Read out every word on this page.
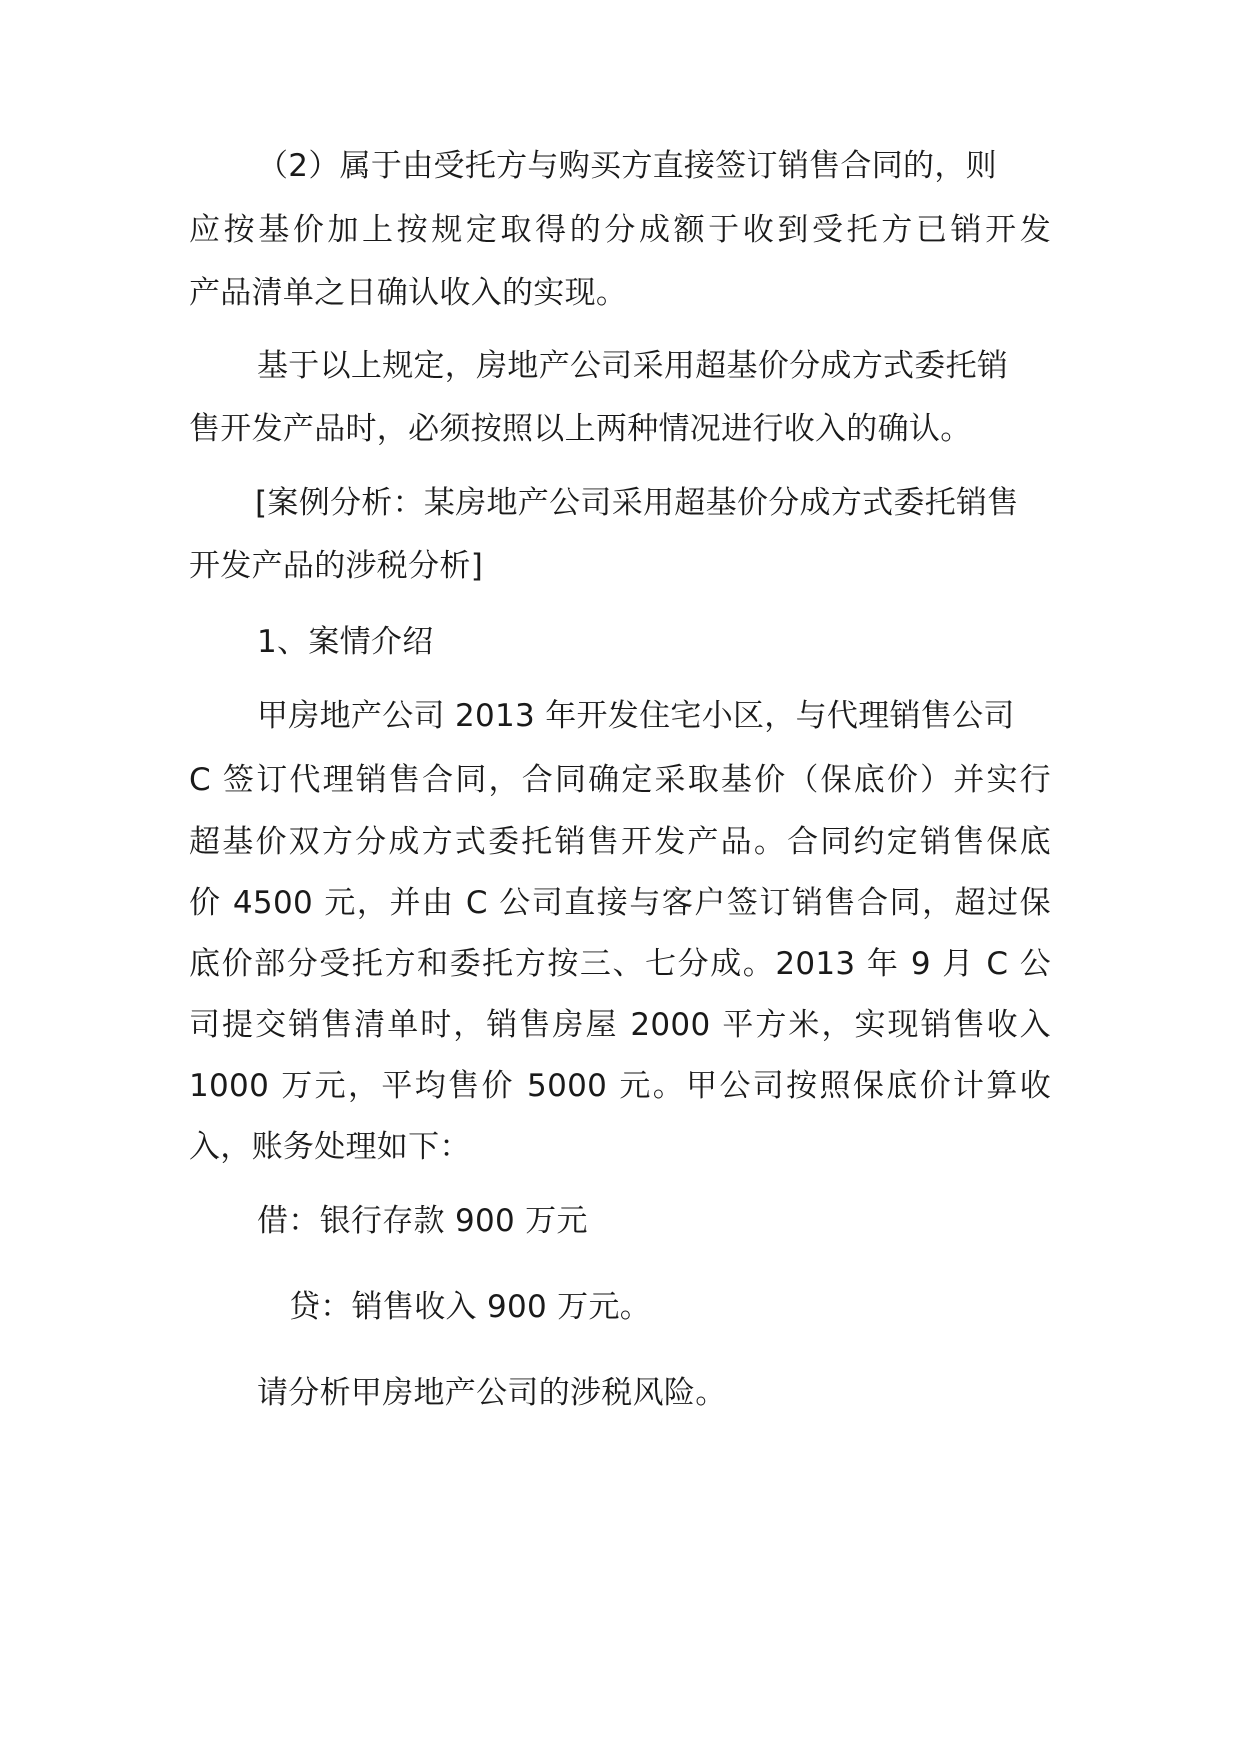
（2）属于由受托方与购买方直接签订销售合同的，则
应按基价加上按规定取得的分成额于收到受托方已销开发
产品清单之日确认收入的实现。
基于以上规定，房地产公司采用超基价分成方式委托销
售开发产品时，必须按照以上两种情况进行收入的确认。
[案例分析：某房地产公司采用超基价分成方式委托销售
开发产品的涉税分析]
1、案情介绍
甲房地产公司 2013 年开发住宅小区，与代理销售公司
C 签订代理销售合同，合同确定采取基价（保底价）并实行
超基价双方分成方式委托销售开发产品。合同约定销售保底
价 4500 元，并由 C 公司直接与客户签订销售合同，超过保
底价部分受托方和委托方按三、七分成。2013 年 9 月 C 公
司提交销售清单时，销售房屋 2000 平方米，实现销售收入
1000 万元，平均售价 5000 元。甲公司按照保底价计算收
入，账务处理如下：
借：银行存款 900 万元
贷：销售收入 900 万元。
请分析甲房地产公司的涉税风险。
